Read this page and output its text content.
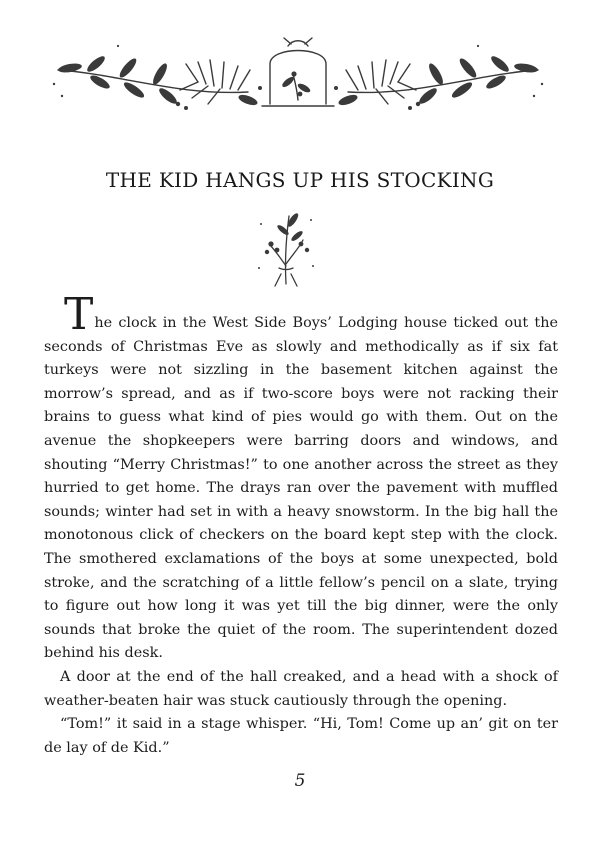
THE KID HANGS UP HIS STOCKING

The clock in the West Side Boys’ Lodging house ticked out the seconds of Christmas Eve as slowly and methodically as if six fat turkeys were not sizzling in the basement kitchen against the morrow’s spread, and as if two-score boys were not racking their brains to guess what kind of pies would go with them. Out on the avenue the shopkeepers were barring doors and windows, and shouting “Merry Christmas!” to one another across the street as they hurried to get home. The drays ran over the pavement with muffled sounds; winter had set in with a heavy snowstorm. In the big hall the monotonous click of checkers on the board kept step with the clock. The smothered exclamations of the boys at some unexpected, bold stroke, and the scratching of a little fellow’s pencil on a slate, trying to figure out how long it was yet till the big dinner, were the only sounds that broke the quiet of the room. The superintendent dozed behind his desk.

A door at the end of the hall creaked, and a head with a shock of weather-beaten hair was stuck cautiously through the opening.

“Tom!” it said in a stage whisper. “Hi, Tom! Come up an’ git on ter de lay of de Kid.”

5
